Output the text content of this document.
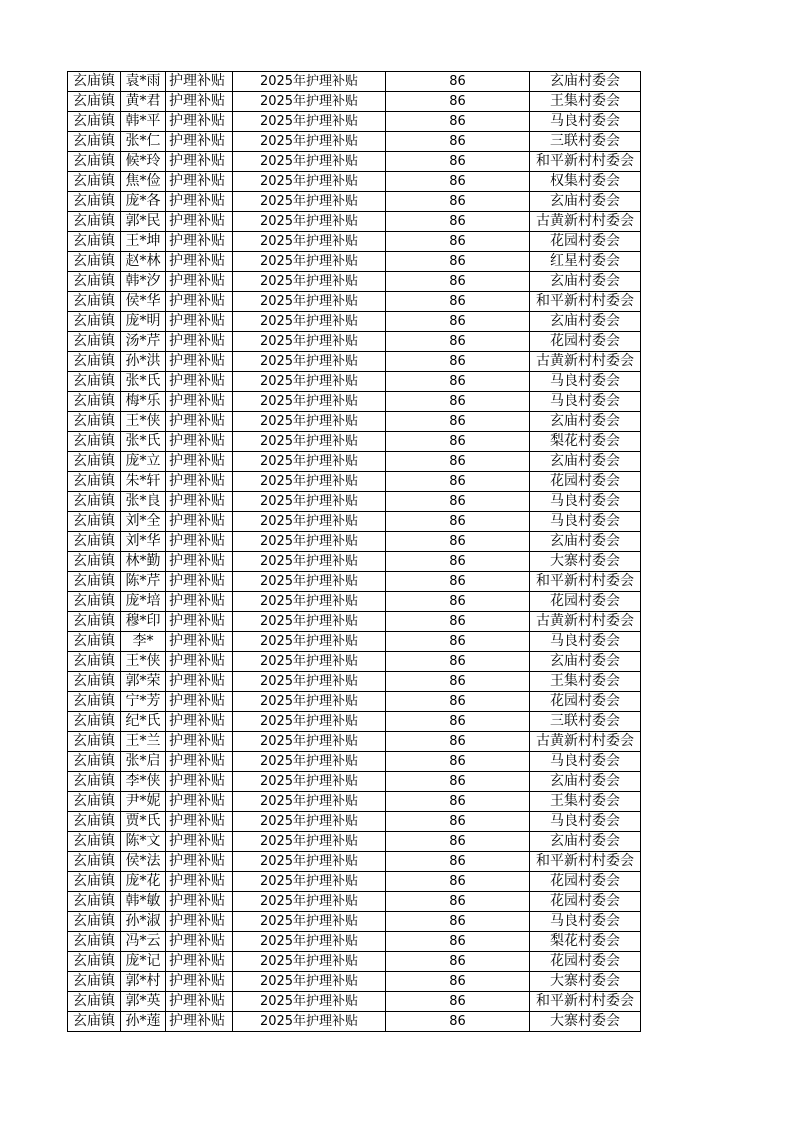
玄庙镇	袁*雨	护理补贴	2025年护理补贴	86	玄庙村委会
玄庙镇	黄*君	护理补贴	2025年护理补贴	86	王集村委会
玄庙镇	韩*平	护理补贴	2025年护理补贴	86	马良村委会
玄庙镇	张*仁	护理补贴	2025年护理补贴	86	三联村委会
玄庙镇	候*玲	护理补贴	2025年护理补贴	86	和平新村村委会
玄庙镇	焦*俭	护理补贴	2025年护理补贴	86	权集村委会
玄庙镇	庞*各	护理补贴	2025年护理补贴	86	玄庙村委会
玄庙镇	郭*民	护理补贴	2025年护理补贴	86	古黄新村村委会
玄庙镇	王*坤	护理补贴	2025年护理补贴	86	花园村委会
玄庙镇	赵*林	护理补贴	2025年护理补贴	86	红星村委会
玄庙镇	韩*汐	护理补贴	2025年护理补贴	86	玄庙村委会
玄庙镇	侯*华	护理补贴	2025年护理补贴	86	和平新村村委会
玄庙镇	庞*明	护理补贴	2025年护理补贴	86	玄庙村委会
玄庙镇	汤*芹	护理补贴	2025年护理补贴	86	花园村委会
玄庙镇	孙*洪	护理补贴	2025年护理补贴	86	古黄新村村委会
玄庙镇	张*氏	护理补贴	2025年护理补贴	86	马良村委会
玄庙镇	梅*乐	护理补贴	2025年护理补贴	86	马良村委会
玄庙镇	王*侠	护理补贴	2025年护理补贴	86	玄庙村委会
玄庙镇	张*氏	护理补贴	2025年护理补贴	86	梨花村委会
玄庙镇	庞*立	护理补贴	2025年护理补贴	86	玄庙村委会
玄庙镇	朱*轩	护理补贴	2025年护理补贴	86	花园村委会
玄庙镇	张*良	护理补贴	2025年护理补贴	86	马良村委会
玄庙镇	刘*全	护理补贴	2025年护理补贴	86	马良村委会
玄庙镇	刘*华	护理补贴	2025年护理补贴	86	玄庙村委会
玄庙镇	林*勤	护理补贴	2025年护理补贴	86	大寨村委会
玄庙镇	陈*芹	护理补贴	2025年护理补贴	86	和平新村村委会
玄庙镇	庞*培	护理补贴	2025年护理补贴	86	花园村委会
玄庙镇	穆*印	护理补贴	2025年护理补贴	86	古黄新村村委会
玄庙镇	李*	护理补贴	2025年护理补贴	86	马良村委会
玄庙镇	王*侠	护理补贴	2025年护理补贴	86	玄庙村委会
玄庙镇	郭*荣	护理补贴	2025年护理补贴	86	王集村委会
玄庙镇	宁*芳	护理补贴	2025年护理补贴	86	花园村委会
玄庙镇	纪*氏	护理补贴	2025年护理补贴	86	三联村委会
玄庙镇	王*兰	护理补贴	2025年护理补贴	86	古黄新村村委会
玄庙镇	张*启	护理补贴	2025年护理补贴	86	马良村委会
玄庙镇	李*侠	护理补贴	2025年护理补贴	86	玄庙村委会
玄庙镇	尹*妮	护理补贴	2025年护理补贴	86	王集村委会
玄庙镇	贾*氏	护理补贴	2025年护理补贴	86	马良村委会
玄庙镇	陈*文	护理补贴	2025年护理补贴	86	玄庙村委会
玄庙镇	侯*法	护理补贴	2025年护理补贴	86	和平新村村委会
玄庙镇	庞*花	护理补贴	2025年护理补贴	86	花园村委会
玄庙镇	韩*敏	护理补贴	2025年护理补贴	86	花园村委会
玄庙镇	孙*淑	护理补贴	2025年护理补贴	86	马良村委会
玄庙镇	冯*云	护理补贴	2025年护理补贴	86	梨花村委会
玄庙镇	庞*记	护理补贴	2025年护理补贴	86	花园村委会
玄庙镇	郭*村	护理补贴	2025年护理补贴	86	大寨村委会
玄庙镇	郭*英	护理补贴	2025年护理补贴	86	和平新村村委会
玄庙镇	孙*莲	护理补贴	2025年护理补贴	86	大寨村委会
